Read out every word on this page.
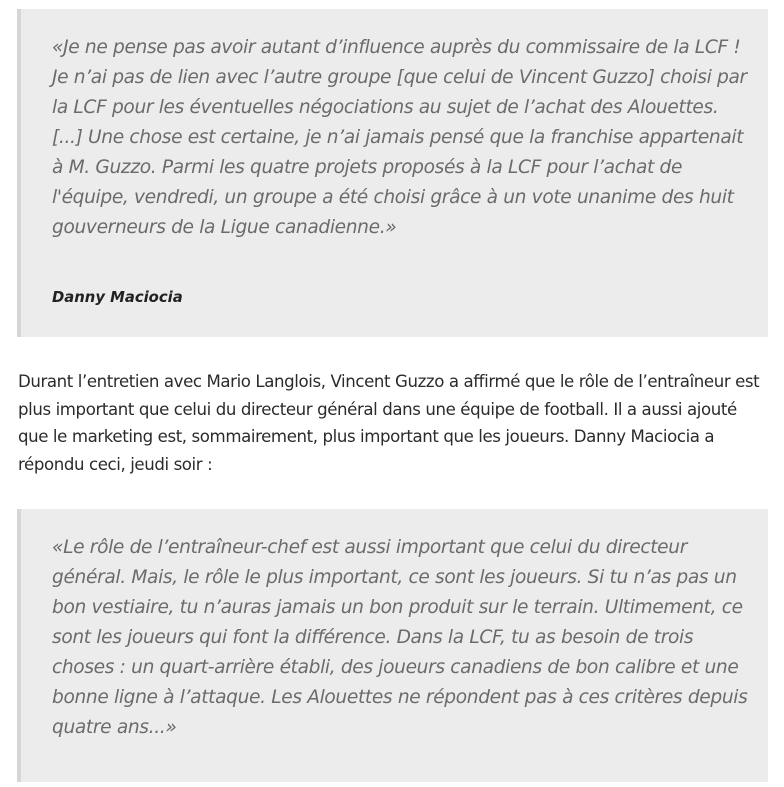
«Je ne pense pas avoir autant d’influence auprès du commissaire de la LCF ! Je n’ai pas de lien avec l’autre groupe [que celui de Vincent Guzzo] choisi par la LCF pour les éventuelles négociations au sujet de l’achat des Alouettes. [...] Une chose est certaine, je n’ai jamais pensé que la franchise appartenait à M. Guzzo. Parmi les quatre projets proposés à la LCF pour l’achat de l'équipe, vendredi, un groupe a été choisi grâce à un vote unanime des huit gouverneurs de la Ligue canadienne.»

Danny Maciocia

Durant l’entretien avec Mario Langlois, Vincent Guzzo a affirmé que le rôle de l’entraîneur est plus important que celui du directeur général dans une équipe de football. Il a aussi ajouté que le marketing est, sommairement, plus important que les joueurs. Danny Maciocia a répondu ceci, jeudi soir :

«Le rôle de l’entraîneur-chef est aussi important que celui du directeur général. Mais, le rôle le plus important, ce sont les joueurs. Si tu n’as pas un bon vestiaire, tu n’auras jamais un bon produit sur le terrain. Ultimement, ce sont les joueurs qui font la différence. Dans la LCF, tu as besoin de trois choses : un quart-arrière établi, des joueurs canadiens de bon calibre et une bonne ligne à l’attaque. Les Alouettes ne répondent pas à ces critères depuis quatre ans...»
